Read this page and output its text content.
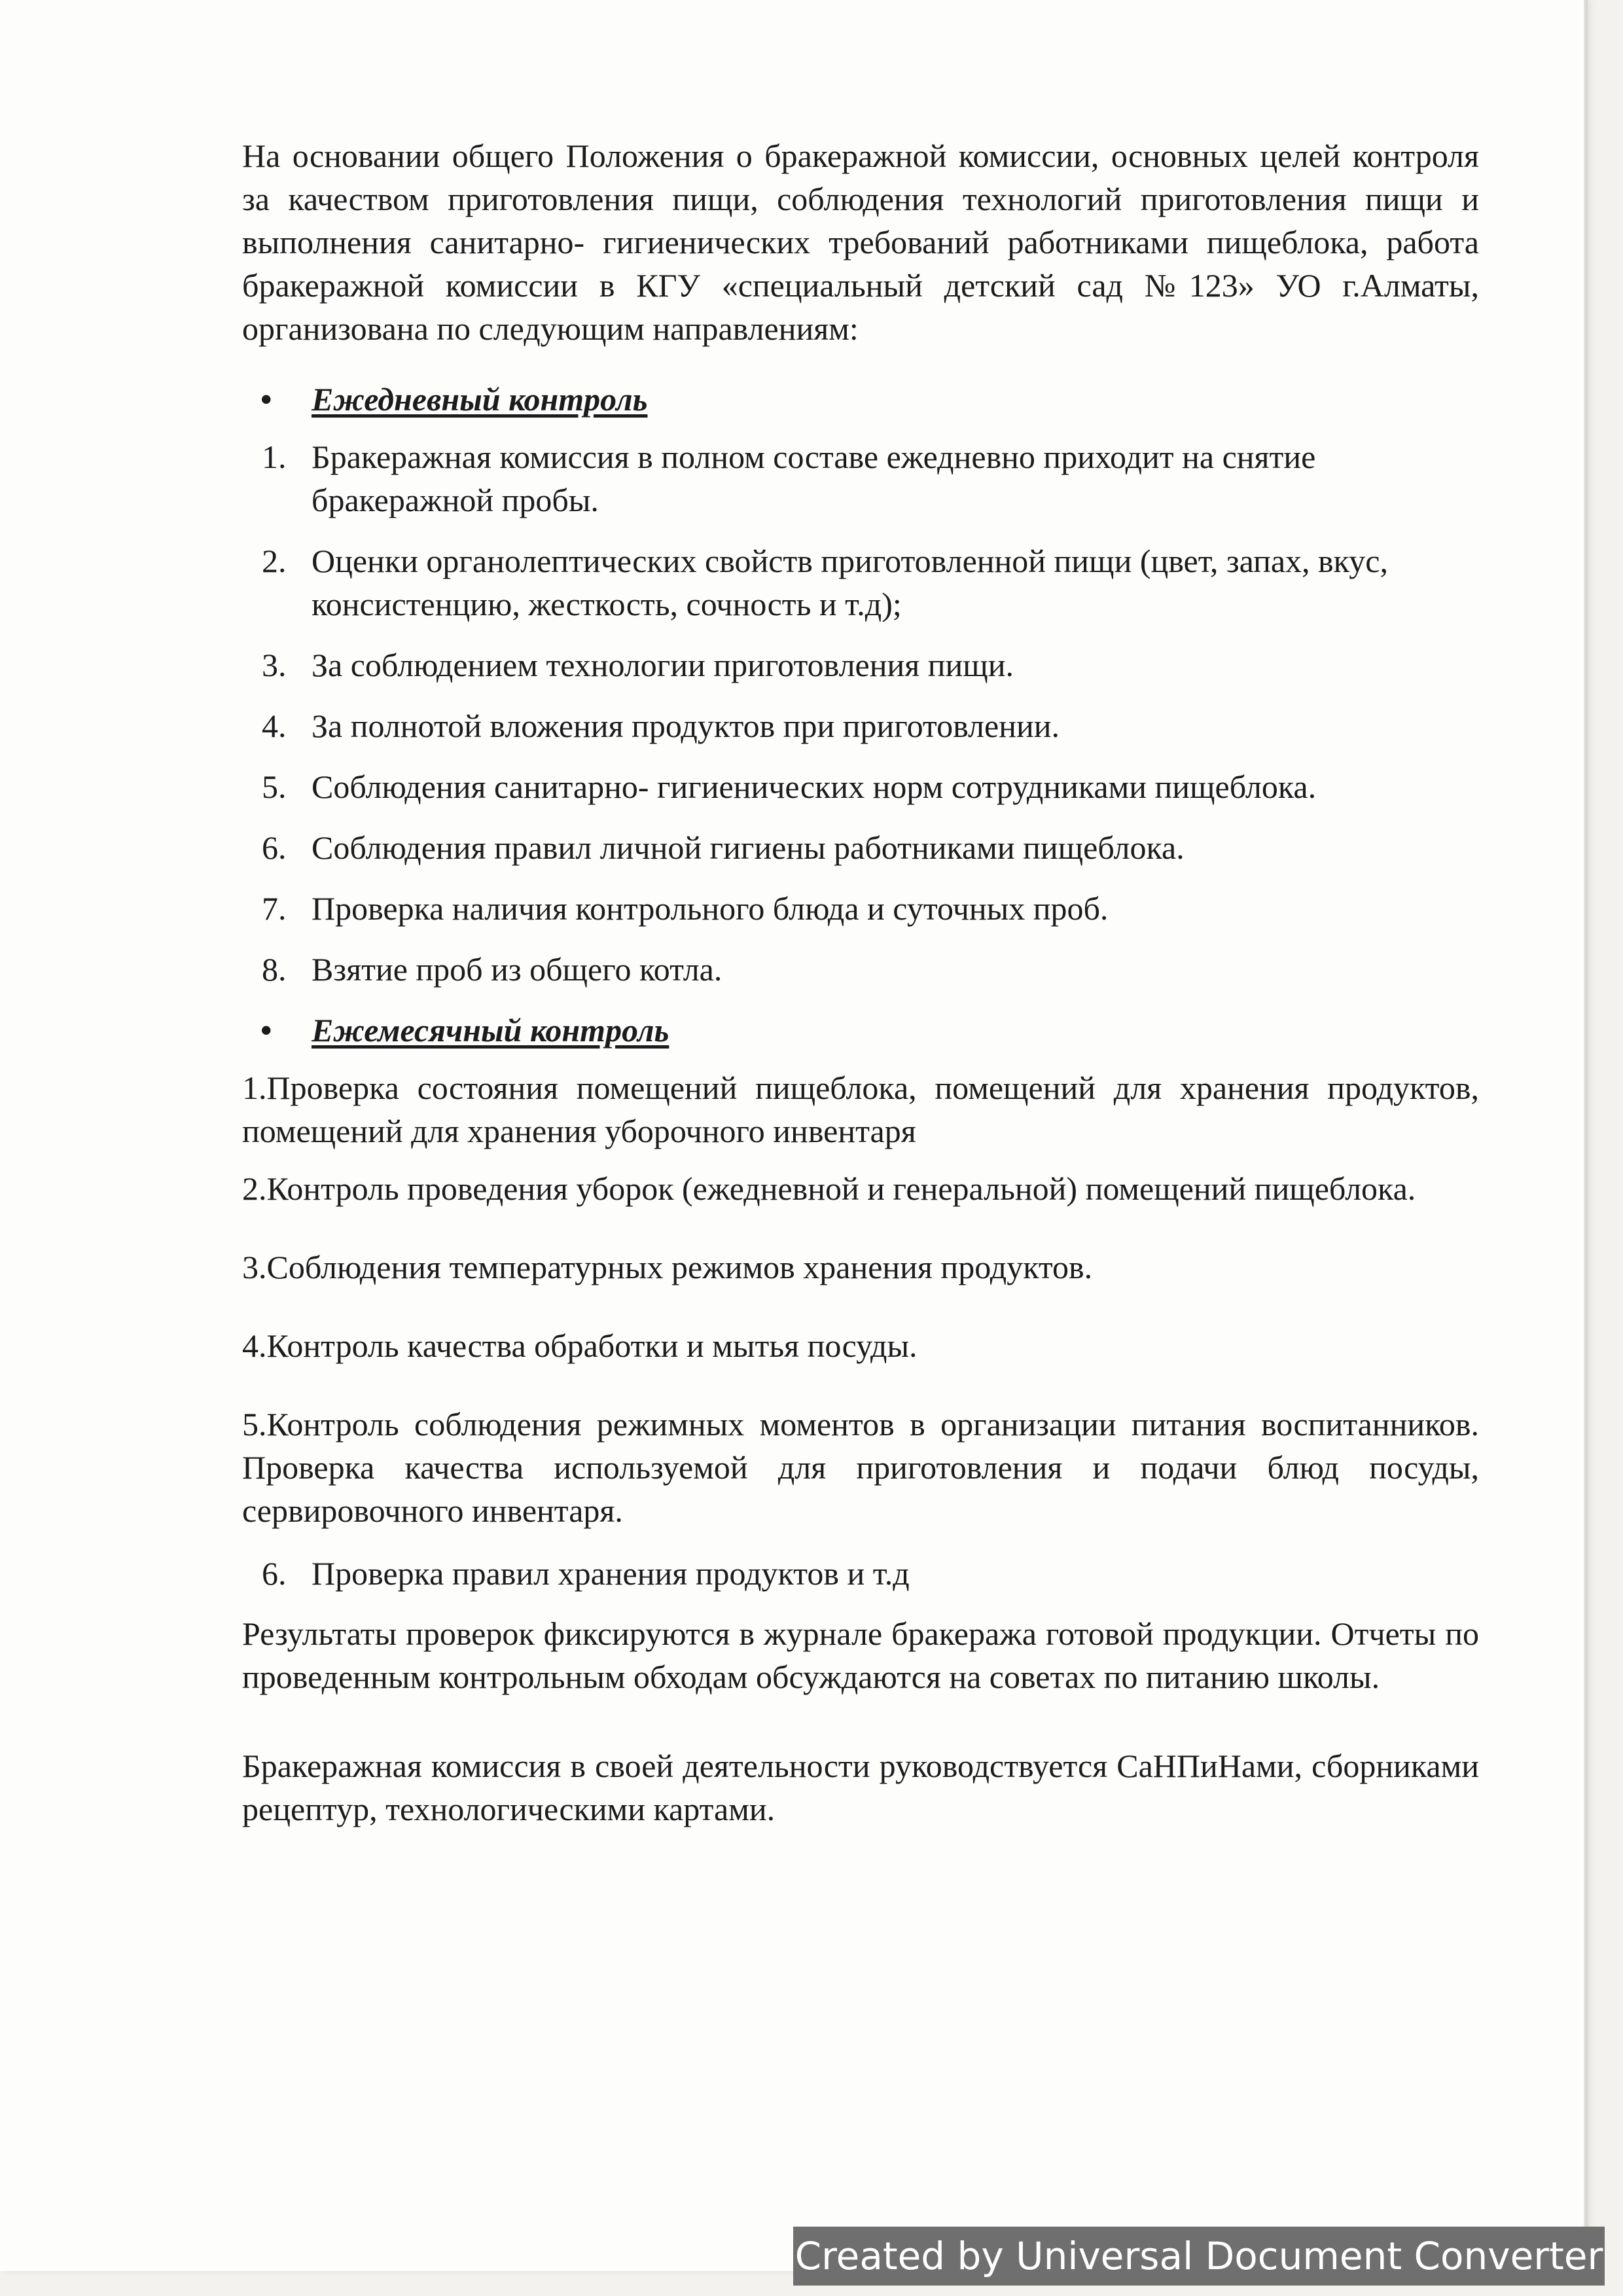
На основании общего Положения о бракеражной комиссии, основных целей контроля за качеством приготовления пищи, соблюдения технологий приготовления пищи и выполнения санитарно- гигиенических требований работниками пищеблока, работа бракеражной комиссии в КГУ «специальный детский сад №123» УО г.Алматы, организована по следующим направлениям:

• Ежедневный контроль
1. Бракеражная комиссия в полном составе ежедневно приходит на снятие бракеражной пробы.
2. Оценки органолептических свойств приготовленной пищи (цвет, запах, вкус, консистенцию, жесткость, сочность и т.д);
3. За соблюдением технологии приготовления пищи.
4. За полнотой вложения продуктов при приготовлении.
5. Соблюдения санитарно- гигиенических норм сотрудниками пищеблока.
6. Соблюдения правил личной гигиены работниками пищеблока.
7. Проверка наличия контрольного блюда и суточных проб.
8. Взятие проб из общего котла.
• Ежемесячный контроль

1.Проверка состояния помещений пищеблока, помещений для хранения продуктов, помещений для хранения уборочного инвентаря

2.Контроль проведения уборок (ежедневной и генеральной) помещений пищеблока.

3.Соблюдения температурных режимов хранения продуктов.

4.Контроль качества обработки и мытья посуды.

5.Контроль соблюдения режимных моментов в организации питания воспитанников. Проверка качества используемой для приготовления и подачи блюд посуды, сервировочного инвентаря.

6. Проверка правил хранения продуктов и т.д

Результаты проверок фиксируются в журнале бракеража готовой продукции. Отчеты по проведенным контрольным обходам обсуждаются на советах по питанию школы.

Бракеражная комиссия в своей деятельности руководствуется СаНПиНами, сборниками рецептур, технологическими картами.

Created by Universal Document Converter
